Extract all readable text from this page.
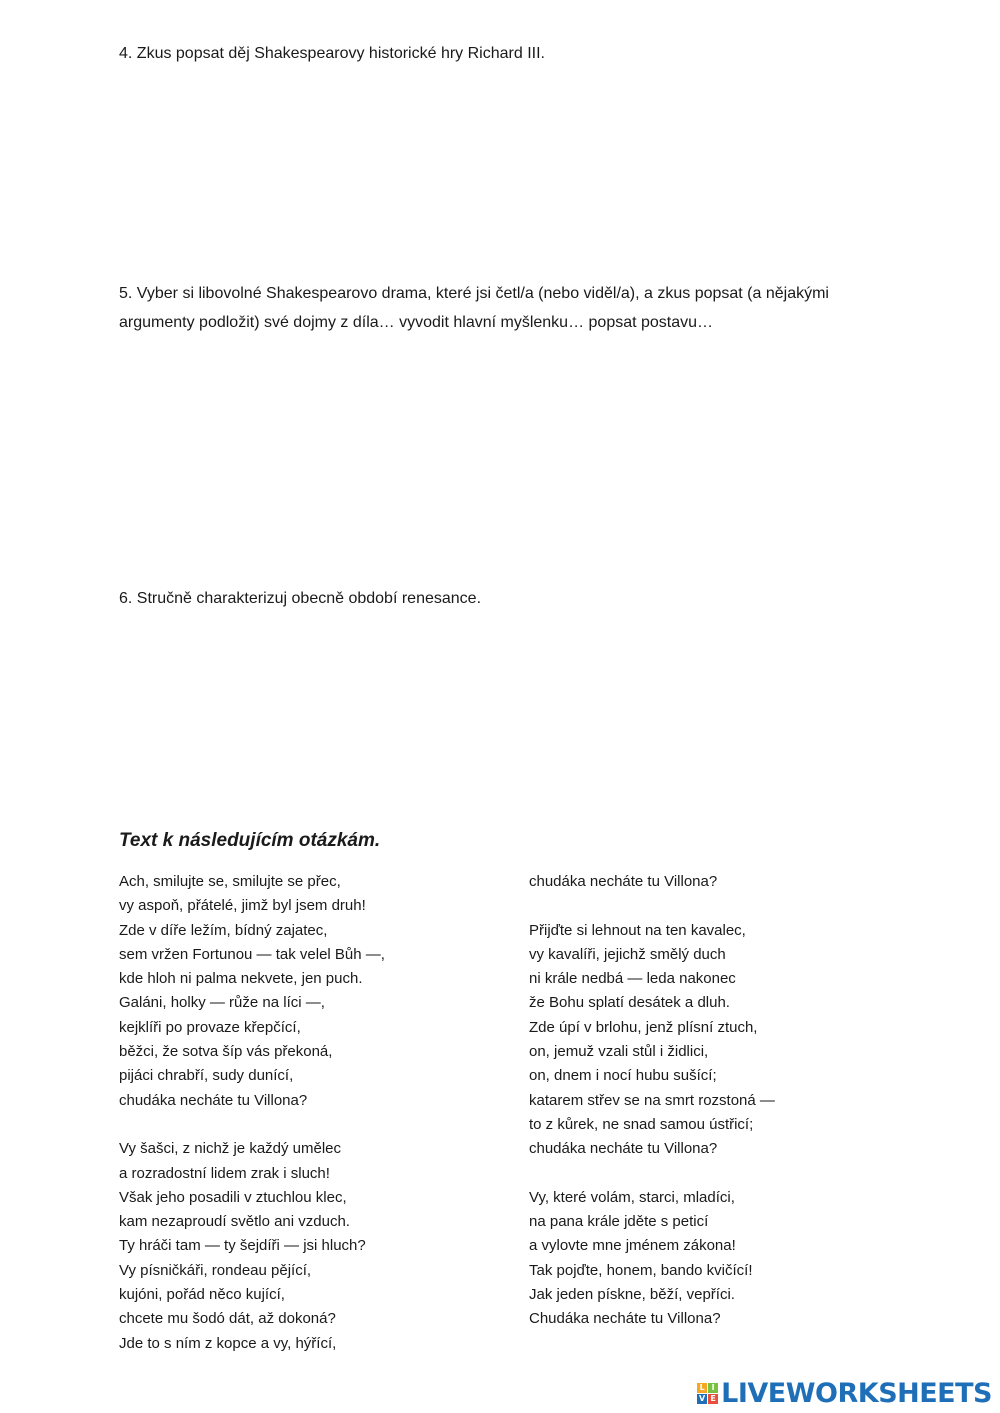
4. Zkus popsat děj Shakespearovy historické hry Richard III.

5. Vyber si libovolné Shakespearovo drama, které jsi četl/a (nebo viděl/a), a zkus popsat (a nějakými argumenty podložit) své dojmy z díla… vyvodit hlavní myšlenku… popsat postavu…

6. Stručně charakterizuj obecně období renesance.

Text k následujícím otázkám.
Ach, smilujte se, smilujte se přec,
vy aspoň, přátelé, jimž byl jsem druh!
Zde v díře ležím, bídný zajatec,
sem vržen Fortunou — tak velel Bůh —,
kde hloh ni palma nekvete, jen puch.
Galáni, holky — růže na líci —,
kejklíři po provaze křepčící,
běžci, že sotva šíp vás překoná,
pijáci chrabří, sudy dunící,
chudáka necháte tu Villona?
Vy šašci, z nichž je každý umělec
a rozradostní lidem zrak i sluch!
Však jeho posadili v ztuchlou klec,
kam nezaproudí světlo ani vzduch.
Ty hráči tam — ty šejdíři — jsi hluch?
Vy písničkáři, rondeau pějící,
kujóni, pořád něco kující,
chcete mu šodó dát, až dokoná?
Jde to s ním z kopce a vy, hýřící,
chudáka necháte tu Villona?
Přijďte si lehnout na ten kavalec,
vy kavalíři, jejichž smělý duch
ni krále nedbá — leda nakonec
že Bohu splatí desátek a dluh.
Zde úpí v brlohu, jenž plísní ztuch,
on, jemuž vzali stůl i židlici,
on, dnem i nocí hubu sušící;
katarem střev se na smrt rozstoná —
to z kůrek, ne snad samou ústřicí;
chudáka necháte tu Villona?
Vy, které volám, starci, mladíci,
na pana krále jděte s peticí
a vylovte mne jménem zákona!
Tak pojďte, honem, bando kvičící!
Jak jeden pískne, běží, vepříci.
Chudáka necháte tu Villona?
L I
V E LIVEWORKSHEETS
